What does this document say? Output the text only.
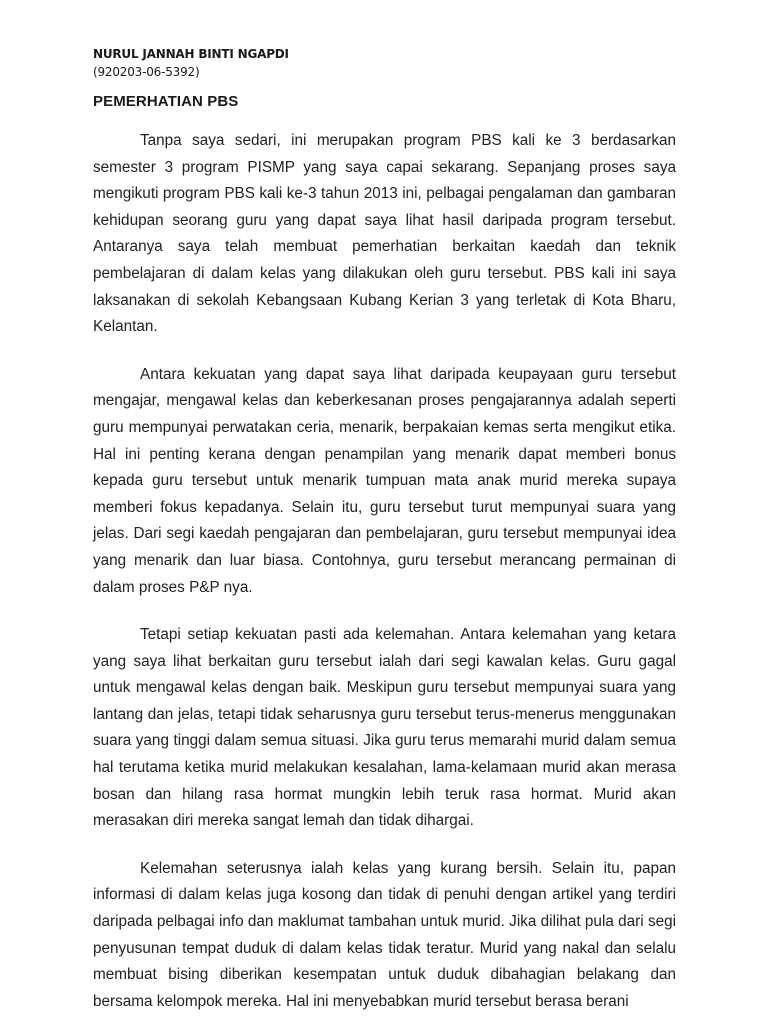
NURUL JANNAH BINTI NGAPDI
(920203-06-5392)
PEMERHATIAN PBS

Tanpa saya sedari, ini merupakan program PBS kali ke 3 berdasarkan semester 3 program PISMP yang saya capai sekarang. Sepanjang proses saya mengikuti program PBS kali ke-3 tahun 2013 ini, pelbagai pengalaman dan gambaran kehidupan seorang guru yang dapat saya lihat hasil daripada program tersebut. Antaranya saya telah membuat pemerhatian berkaitan kaedah dan teknik pembelajaran di dalam kelas yang dilakukan oleh guru tersebut. PBS kali ini saya laksanakan di sekolah Kebangsaan Kubang Kerian 3 yang terletak di Kota Bharu, Kelantan.

Antara kekuatan yang dapat saya lihat daripada keupayaan guru tersebut mengajar, mengawal kelas dan keberkesanan proses pengajarannya adalah seperti guru mempunyai perwatakan ceria, menarik, berpakaian kemas serta mengikut etika. Hal ini penting kerana dengan penampilan yang menarik dapat memberi bonus kepada guru tersebut untuk menarik tumpuan mata anak murid mereka supaya memberi fokus kepadanya. Selain itu, guru tersebut turut mempunyai suara yang jelas. Dari segi kaedah pengajaran dan pembelajaran, guru tersebut mempunyai idea yang menarik dan luar biasa. Contohnya, guru tersebut merancang permainan di dalam proses P&P nya.

Tetapi setiap kekuatan pasti ada kelemahan. Antara kelemahan yang ketara yang saya lihat berkaitan guru tersebut ialah dari segi kawalan kelas. Guru gagal untuk mengawal kelas dengan baik. Meskipun guru tersebut mempunyai suara yang lantang dan jelas, tetapi tidak seharusnya guru tersebut terus-menerus menggunakan suara yang tinggi dalam semua situasi. Jika guru terus memarahi murid dalam semua hal terutama ketika murid melakukan kesalahan, lama-kelamaan murid akan merasa bosan dan hilang rasa hormat mungkin lebih teruk rasa hormat. Murid akan merasakan diri mereka sangat lemah dan tidak dihargai.

Kelemahan seterusnya ialah kelas yang kurang bersih. Selain itu, papan informasi di dalam kelas juga kosong dan tidak di penuhi dengan artikel yang terdiri daripada pelbagai info dan maklumat tambahan untuk murid. Jika dilihat pula dari segi penyusunan tempat duduk di dalam kelas tidak teratur. Murid yang nakal dan selalu membuat bising diberikan kesempatan untuk duduk dibahagian belakang dan bersama kelompok mereka. Hal ini menyebabkan murid tersebut berasa berani
